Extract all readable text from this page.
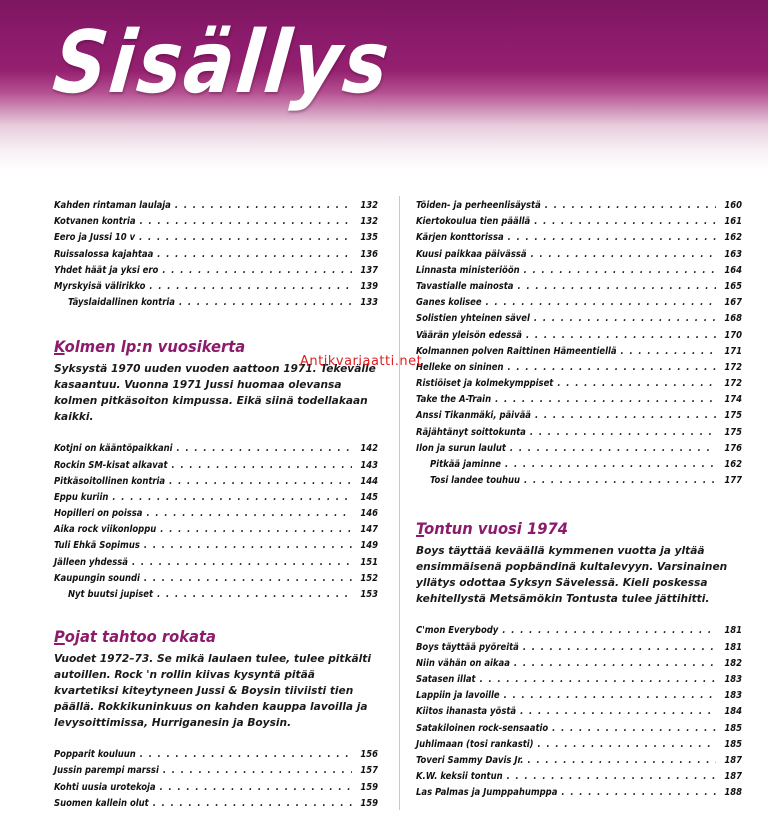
Sisällys
Kahden rintaman laulaja . . .	132
Kotvanen kontria . . .	132
Eero ja Jussi 10 v . . .	135
Ruissalossa kajahtaa . . .	136
Yhdet häät ja yksi ero . . .	137
Myrskyisä välirikko . . .	139
Täyslaidallinen kontria . . .	133
Kolmen lp:n vuosikerta

Syksystä 1970 uuden vuoden aattoon 1971. Tekevälle kasaantuu. Vuonna 1971 Jussi huomaa olevansa kolmen pitkäsoiton kimpussa. Eikä siinä todellakaan kaikki.

Kotjni on kääntöpaikkani . . .	142
Rockin SM-kisat alkavat . . .	143
Pitkäsoitollinen kontria . . .	144
Eppu kuriin . . .	145
Hopilleri on poissa . . .	146
Aika rock viikonloppu . . .	147
Tuli Ehkä Sopimus . . .	149
Jälleen yhdessä . . .	151
Kaupungin soundi . . .	152
Nyt buutsi jupiset . . .	153
Pojat tahtoo rokata

Vuodet 1972–73. Se mikä laulaen tulee, tulee pitkälti autoillen. Rock 'n rollin kiivas kysyntä pitää kvartetiksi kiteytyneen Jussi & Boysin tiiviisti tien päällä. Rokkikuninkuus on kahden kauppa lavoilla ja levysoittimissa, Hurriganesin ja Boysin.

Popparit kouluun . . .	156
Jussin parempi marssi . . .	157
Kohti uusia urotekoja . . .	159
Suomen kallein olut . . .	159
Töiden- ja perheenlisäystä . . .	160
Kiertokoulua tien päällä . . .	161
Kärjen konttorissa . . .	162
Kuusi paikkaa päivässä . . .	163
Linnasta ministeriöön . . .	164
Tavastialle mainosta . . .	165
Ganes kolisee . . .	167
Solistien yhteinen sävel . . .	168
Väärän yleisön edessä . . .	170
Kolmannen polven Raittinen Hämeentiellä . . .	171
Helleke on sininen . . .	172
Ristiöiset ja kolmekymppiset . . .	172
Take the A-Train . . .	174
Anssi Tikanmäki, päivää . . .	175
Räjähtänyt soittokunta . . .	175
Ilon ja surun laulut . . .	176
Pitkää jaminne . . .	162
Tosi landee touhuu . . .	177
Tontun vuosi 1974

Boys täyttää keväällä kymmenen vuotta ja yltää ensimmäisenä popbändinä kultalevyyn. Varsinainen yllätys odottaa Syksyn Sävelessä. Kieli poskessa kehitellystä Metsämökin Tontusta tulee jättihitti.

C'mon Everybody . . .	181
Boys täyttää pyöreitä . . .	181
Niin vähän on aikaa . . .	182
Satasen illat . . .	183
Lappiin ja lavoille . . .	183
Kiitos ihanasta yöstä . . .	184
Satakiloinen rock-sensaatio . . .	185
Juhlimaan (tosi rankasti) . . .	185
Toveri Sammy Davis Jr. . . .	187
K.W. keksii tontun . . .	187
Las Palmas ja Jumppahumppa . . .	188
Antikvariaatti.net
